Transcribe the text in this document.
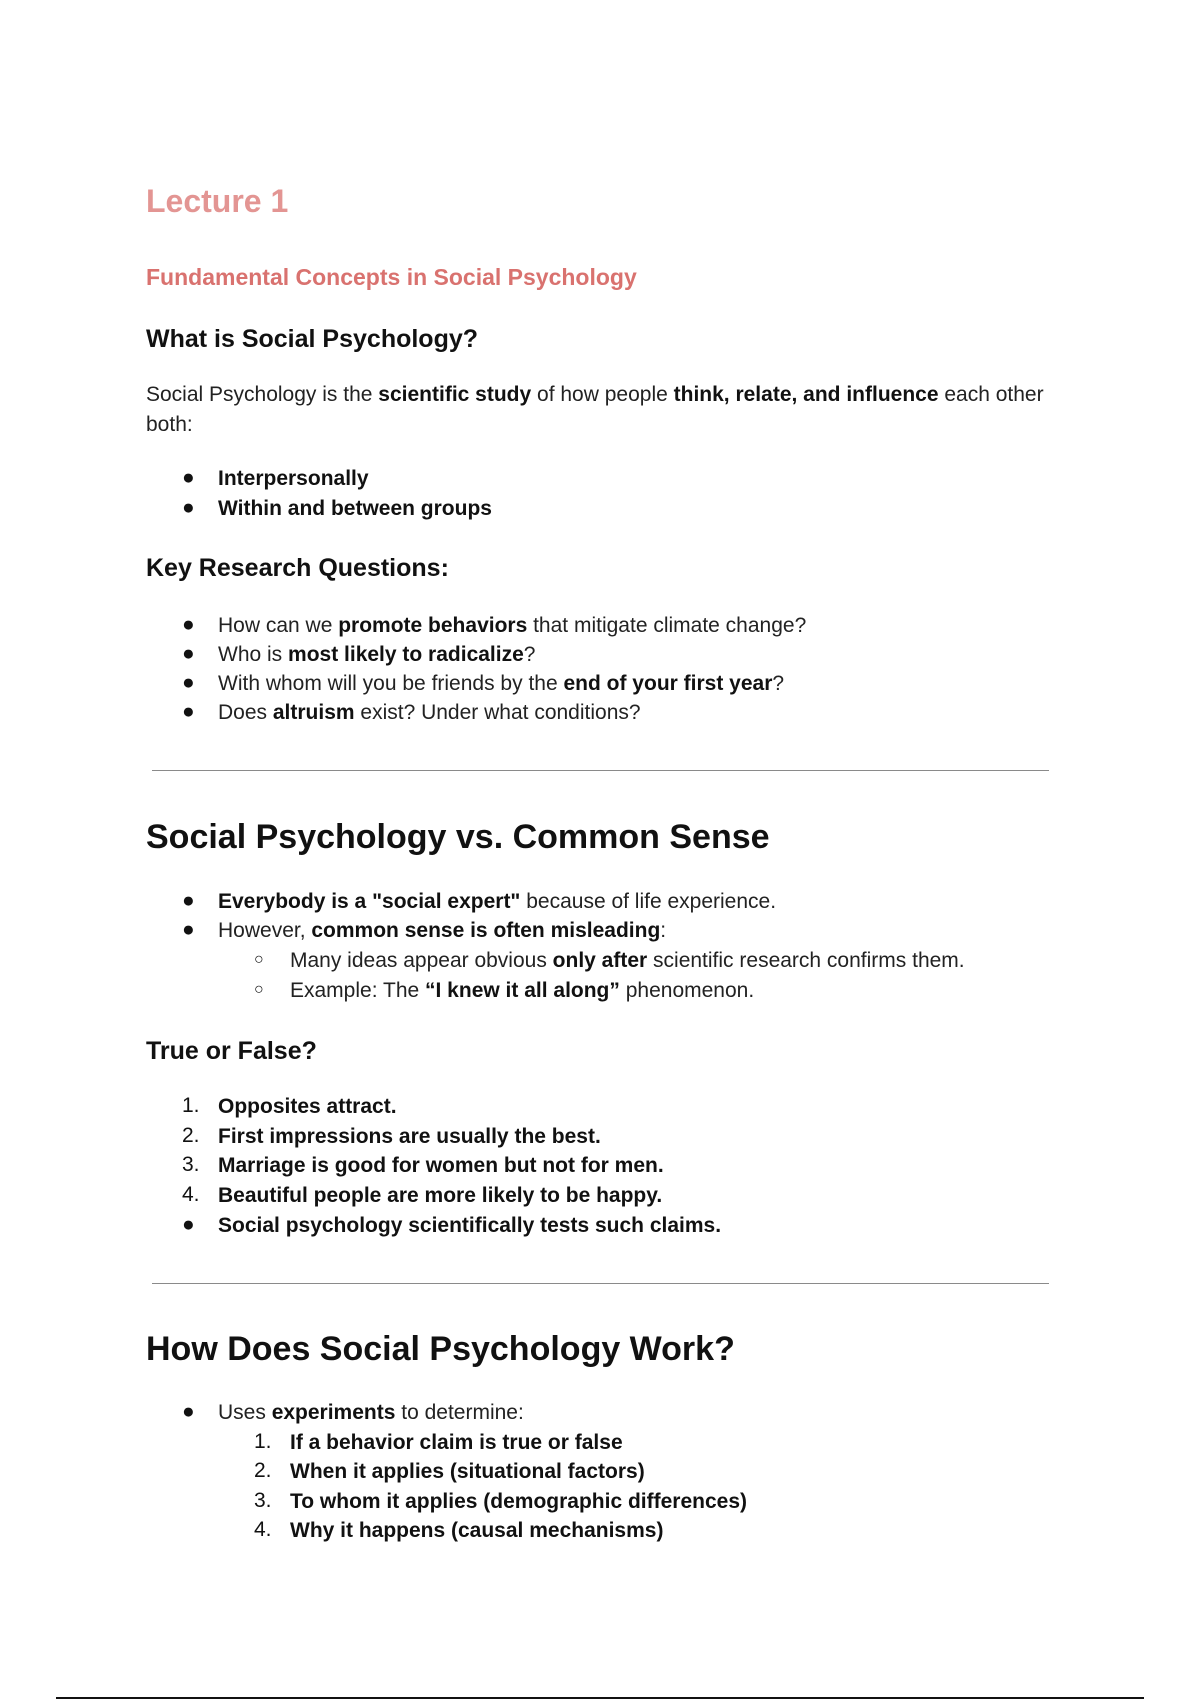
Lecture 1
Fundamental Concepts in Social Psychology
What is Social Psychology?
Social Psychology is the scientific study of how people think, relate, and influence each other both:
● Interpersonally
● Within and between groups
Key Research Questions:
● How can we promote behaviors that mitigate climate change?
● Who is most likely to radicalize?
● With whom will you be friends by the end of your first year?
● Does altruism exist? Under what conditions?
Social Psychology vs. Common Sense
● Everybody is a "social expert" because of life experience.
● However, common sense is often misleading:
○ Many ideas appear obvious only after scientific research confirms them.
○ Example: The “I knew it all along” phenomenon.
True or False?
1. Opposites attract.
2. First impressions are usually the best.
3. Marriage is good for women but not for men.
4. Beautiful people are more likely to be happy.
● Social psychology scientifically tests such claims.
How Does Social Psychology Work?
● Uses experiments to determine:
1. If a behavior claim is true or false
2. When it applies (situational factors)
3. To whom it applies (demographic differences)
4. Why it happens (causal mechanisms)
